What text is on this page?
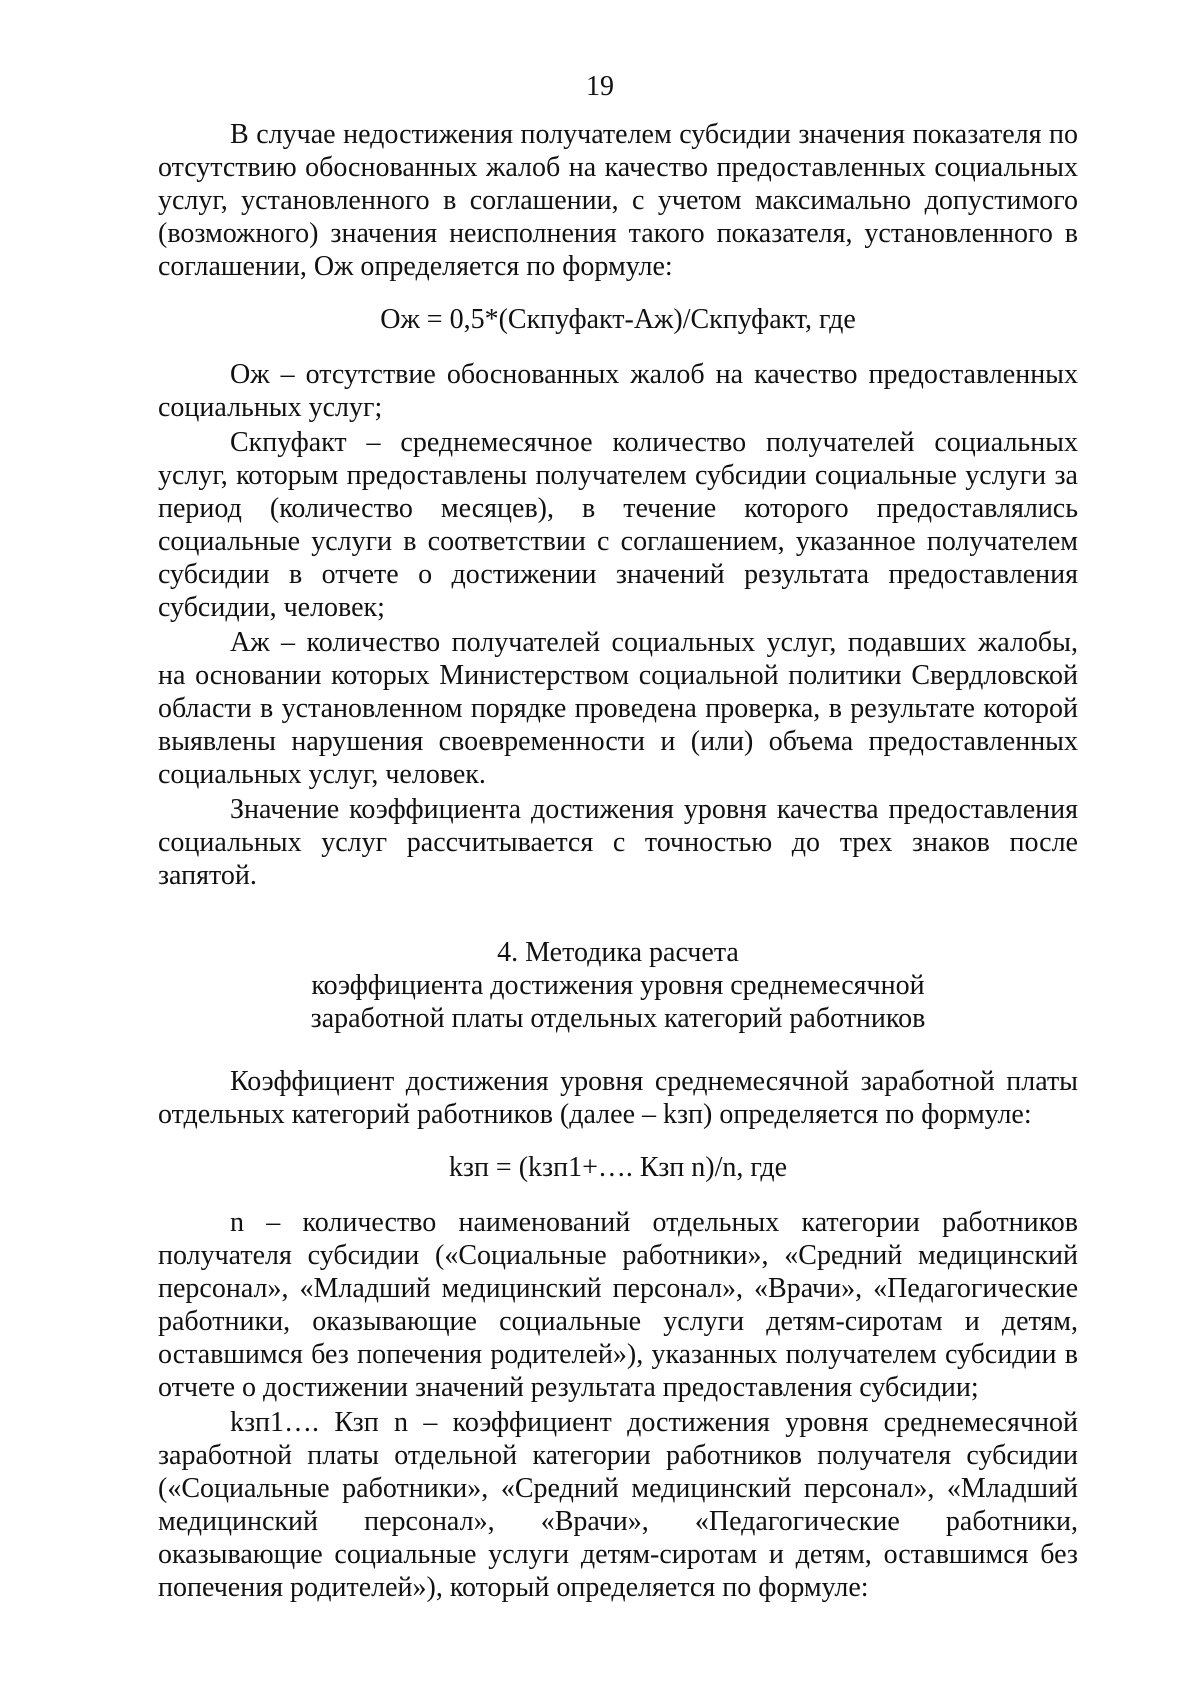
19

В случае недостижения получателем субсидии значения показателя по отсутствию обоснованных жалоб на качество предоставленных социальных услуг, установленного в соглашении, с учетом максимально допустимого (возможного) значения неисполнения такого показателя, установленного в соглашении, Ож определяется по формуле:

Ож = 0,5*(Скпуфакт-Аж)/Скпуфакт, где

Ож – отсутствие обоснованных жалоб на качество предоставленных социальных услуг;

Скпуфакт – среднемесячное количество получателей социальных услуг, которым предоставлены получателем субсидии социальные услуги за период (количество месяцев), в течение которого предоставлялись социальные услуги в соответствии с соглашением, указанное получателем субсидии в отчете о достижении значений результата предоставления субсидии, человек;

Аж – количество получателей социальных услуг, подавших жалобы, на основании которых Министерством социальной политики Свердловской области в установленном порядке проведена проверка, в результате которой выявлены нарушения своевременности и (или) объема предоставленных социальных услуг, человек.

Значение коэффициента достижения уровня качества предоставления социальных услуг рассчитывается с точностью до трех знаков после запятой.

4. Методика расчета
коэффициента достижения уровня среднемесячной
заработной платы отдельных категорий работников

Коэффициент достижения уровня среднемесячной заработной платы отдельных категорий работников (далее – kзп) определяется по формуле:

kзп = (kзп1+…. Кзп n)/n, где

n – количество наименований отдельных категории работников получателя субсидии («Социальные работники», «Средний медицинский персонал», «Младший медицинский персонал», «Врачи», «Педагогические работники, оказывающие социальные услуги детям-сиротам и детям, оставшимся без попечения родителей»), указанных получателем субсидии в отчете о достижении значений результата предоставления субсидии;

kзп1…. Кзп n – коэффициент достижения уровня среднемесячной заработной платы отдельной категории работников получателя субсидии («Социальные работники», «Средний медицинский персонал», «Младший медицинский персонал», «Врачи», «Педагогические работники, оказывающие социальные услуги детям-сиротам и детям, оставшимся без попечения родителей»), который определяется по формуле:
